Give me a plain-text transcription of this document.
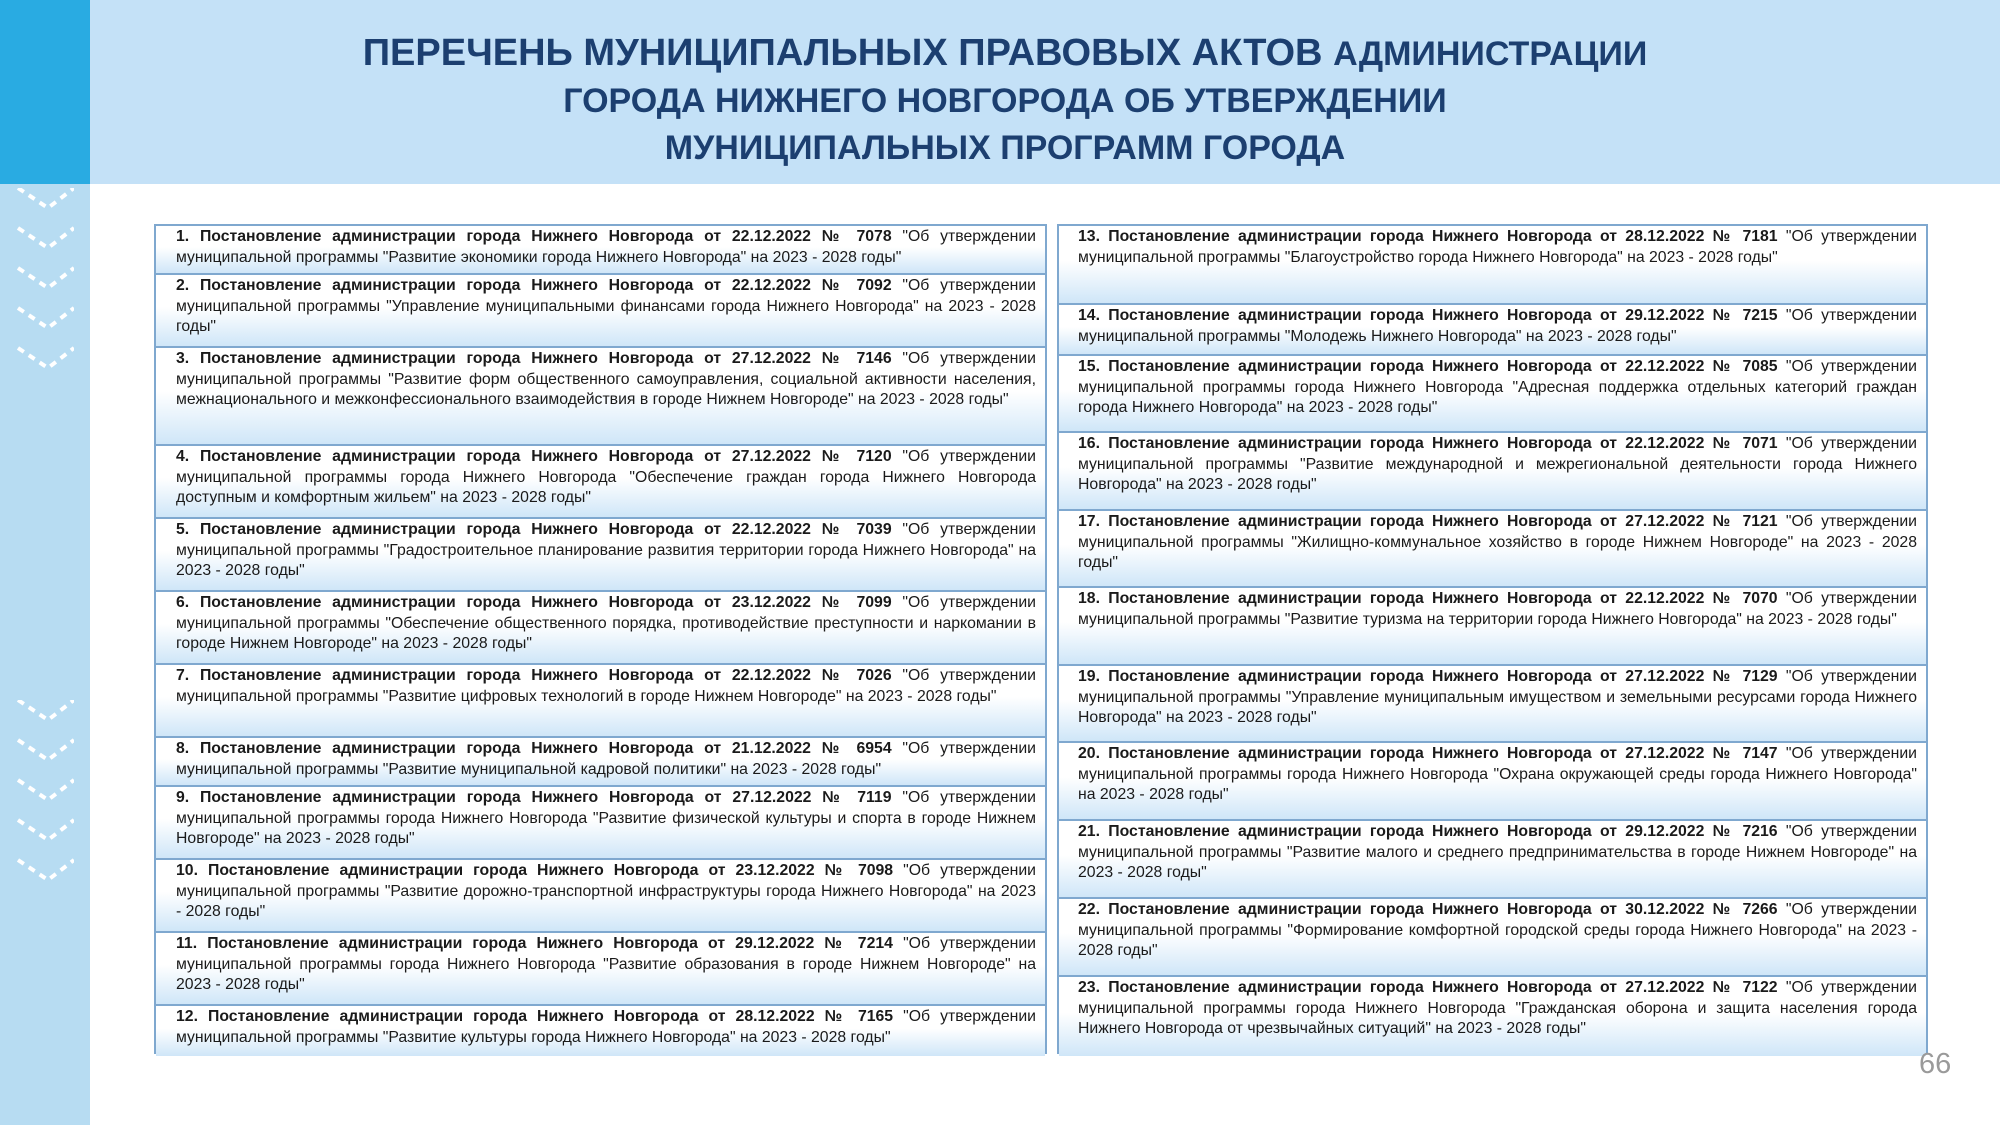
ПЕРЕЧЕНЬ МУНИЦИПАЛЬНЫХ ПРАВОВЫХ АКТОВ АДМИНИСТРАЦИИ
ГОРОДА НИЖНЕГО НОВГОРОДА ОБ УТВЕРЖДЕНИИ
МУНИЦИПАЛЬНЫХ ПРОГРАММ ГОРОДА
1. Постановление администрации города Нижнего Новгорода от 22.12.2022 № 7078 "Об утверждении муниципальной программы "Развитие экономики города Нижнего Новгорода" на 2023 - 2028 годы"
2. Постановление администрации города Нижнего Новгорода от 22.12.2022 № 7092 "Об утверждении муниципальной программы "Управление муниципальными финансами города Нижнего Новгорода" на 2023 - 2028 годы"
3. Постановление администрации города Нижнего Новгорода от 27.12.2022 № 7146 "Об утверждении муниципальной программы "Развитие форм общественного самоуправления, социальной активности населения, межнационального и межконфессионального взаимодействия в городе Нижнем Новгороде" на 2023 - 2028 годы"
4. Постановление администрации города Нижнего Новгорода от 27.12.2022 № 7120 "Об утверждении муниципальной программы города Нижнего Новгорода "Обеспечение граждан города Нижнего Новгорода доступным и комфортным жильем" на 2023 - 2028 годы"
5. Постановление администрации города Нижнего Новгорода от 22.12.2022 № 7039 "Об утверждении муниципальной программы "Градостроительное планирование развития территории города Нижнего Новгорода" на 2023 - 2028 годы"
6. Постановление администрации города Нижнего Новгорода от 23.12.2022 № 7099 "Об утверждении муниципальной программы "Обеспечение общественного порядка, противодействие преступности и наркомании в городе Нижнем Новгороде" на 2023 - 2028 годы"
7. Постановление администрации города Нижнего Новгорода от 22.12.2022 № 7026 "Об утверждении муниципальной программы "Развитие цифровых технологий в городе Нижнем Новгороде" на 2023 - 2028 годы"
8. Постановление администрации города Нижнего Новгорода от 21.12.2022 № 6954 "Об утверждении муниципальной программы "Развитие муниципальной кадровой политики" на 2023 - 2028 годы"
9. Постановление администрации города Нижнего Новгорода от 27.12.2022 № 7119 "Об утверждении муниципальной программы города Нижнего Новгорода "Развитие физической культуры и спорта в городе Нижнем Новгороде" на 2023 - 2028 годы"
10. Постановление администрации города Нижнего Новгорода от 23.12.2022 № 7098 "Об утверждении муниципальной программы "Развитие дорожно-транспортной инфраструктуры города Нижнего Новгорода" на 2023 - 2028 годы"
11. Постановление администрации города Нижнего Новгорода от 29.12.2022 № 7214 "Об утверждении муниципальной программы города Нижнего Новгорода "Развитие образования в городе Нижнем Новгороде" на 2023 - 2028 годы"
12. Постановление администрации города Нижнего Новгорода от 28.12.2022 № 7165 "Об утверждении муниципальной программы "Развитие культуры города Нижнего Новгорода" на 2023 - 2028 годы"
13. Постановление администрации города Нижнего Новгорода от 28.12.2022 № 7181 "Об утверждении муниципальной программы "Благоустройство города Нижнего Новгорода" на 2023 - 2028 годы"
14. Постановление администрации города Нижнего Новгорода от 29.12.2022 № 7215 "Об утверждении муниципальной программы "Молодежь Нижнего Новгорода" на 2023 - 2028 годы"
15. Постановление администрации города Нижнего Новгорода от 22.12.2022 № 7085 "Об утверждении муниципальной программы города Нижнего Новгорода "Адресная поддержка отдельных категорий граждан города Нижнего Новгорода" на 2023 - 2028 годы"
16. Постановление администрации города Нижнего Новгорода от 22.12.2022 № 7071 "Об утверждении муниципальной программы "Развитие международной и межрегиональной деятельности города Нижнего Новгорода" на 2023 - 2028 годы"
17. Постановление администрации города Нижнего Новгорода от 27.12.2022 № 7121 "Об утверждении муниципальной программы "Жилищно-коммунальное хозяйство в городе Нижнем Новгороде" на 2023 - 2028 годы"
18. Постановление администрации города Нижнего Новгорода от 22.12.2022 № 7070 "Об утверждении муниципальной программы "Развитие туризма на территории города Нижнего Новгорода" на 2023 - 2028 годы"
19. Постановление администрации города Нижнего Новгорода от 27.12.2022 № 7129 "Об утверждении муниципальной программы "Управление муниципальным имуществом и земельными ресурсами города Нижнего Новгорода" на 2023 - 2028 годы"
20. Постановление администрации города Нижнего Новгорода от 27.12.2022 № 7147 "Об утверждении муниципальной программы города Нижнего Новгорода "Охрана окружающей среды города Нижнего Новгорода" на 2023 - 2028 годы"
21. Постановление администрации города Нижнего Новгорода от 29.12.2022 № 7216 "Об утверждении муниципальной программы "Развитие малого и среднего предпринимательства в городе Нижнем Новгороде" на 2023 - 2028 годы"
22. Постановление администрации города Нижнего Новгорода от 30.12.2022 № 7266 "Об утверждении муниципальной программы "Формирование комфортной городской среды города Нижнего Новгорода" на 2023 - 2028 годы"
23. Постановление администрации города Нижнего Новгорода от 27.12.2022 № 7122 "Об утверждении муниципальной программы города Нижнего Новгорода "Гражданская оборона и защита населения города Нижнего Новгорода от чрезвычайных ситуаций" на 2023 - 2028 годы"
66
